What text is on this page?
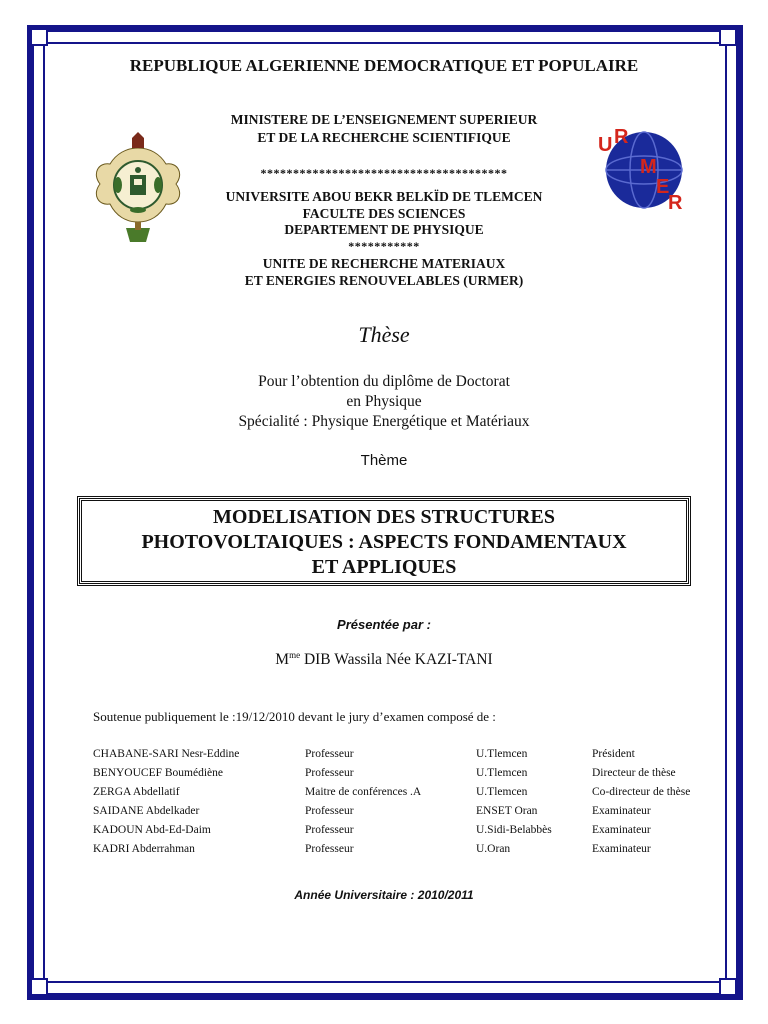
REPUBLIQUE ALGERIENNE DEMOCRATIQUE ET POPULAIRE
MINISTERE DE L’ENSEIGNEMENT SUPERIEUR
ET DE LA RECHERCHE SCIENTIFIQUE
**************************************
UNIVERSITE ABOU BEKR BELKÏD DE TLEMCEN
FACULTE DES SCIENCES
DEPARTEMENT DE PHYSIQUE
***********
UNITE DE RECHERCHE MATERIAUX
ET ENERGIES RENOUVELABLES (URMER)
U R
M
E
R
Thèse
Pour l’obtention du diplôme de Doctorat
en Physique
Spécialité : Physique Energétique et Matériaux
Thème
MODELISATION DES STRUCTURES
PHOTOVOLTAIQUES : ASPECTS FONDAMENTAUX
ET APPLIQUES
Présentée par :
$M^{me}$ DIB Wassila Née KAZI-TANI
Soutenue publiquement le :19/12/2010 devant le jury d’examen composé de :
CHABANE-SARI Nesr-Eddine	Professeur	U.Tlemcen	Président
BENYOUCEF Boumédiène	Professeur	U.Tlemcen	Directeur de thèse
ZERGA Abdellatif	Maitre de conférences .A	U.Tlemcen	Co-directeur de thèse
SAIDANE Abdelkader	Professeur	ENSET Oran	Examinateur
KADOUN Abd-Ed-Daim	Professeur	U.Sidi-Belabbès	Examinateur
KADRI Abderrahman	Professeur	U.Oran	Examinateur
Année Universitaire : 2010/2011
